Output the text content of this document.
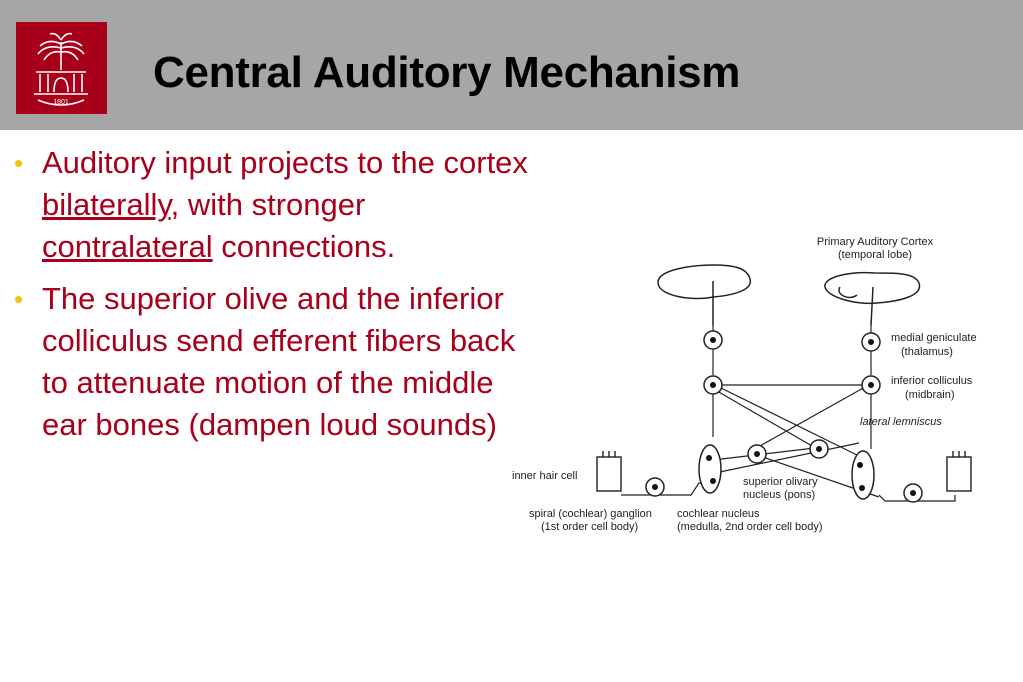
1801
Central Auditory Mechanism
• Auditory input projects to the cortex bilaterally, with stronger contralateral connections.
• The superior olive and the inferior colliculus send efferent fibers back to attenuate motion of the middle ear bones (dampen loud sounds)
Primary Auditory Cortex
(temporal lobe)
medial geniculate
(thalamus)
inferior colliculus
(midbrain)
lateral lemniscus
inner hair cell	superior olivary
nucleus (pons)
spiral (cochlear) ganglion
(1st order cell body)
cochlear nucleus
(medulla, 2nd order cell body)
